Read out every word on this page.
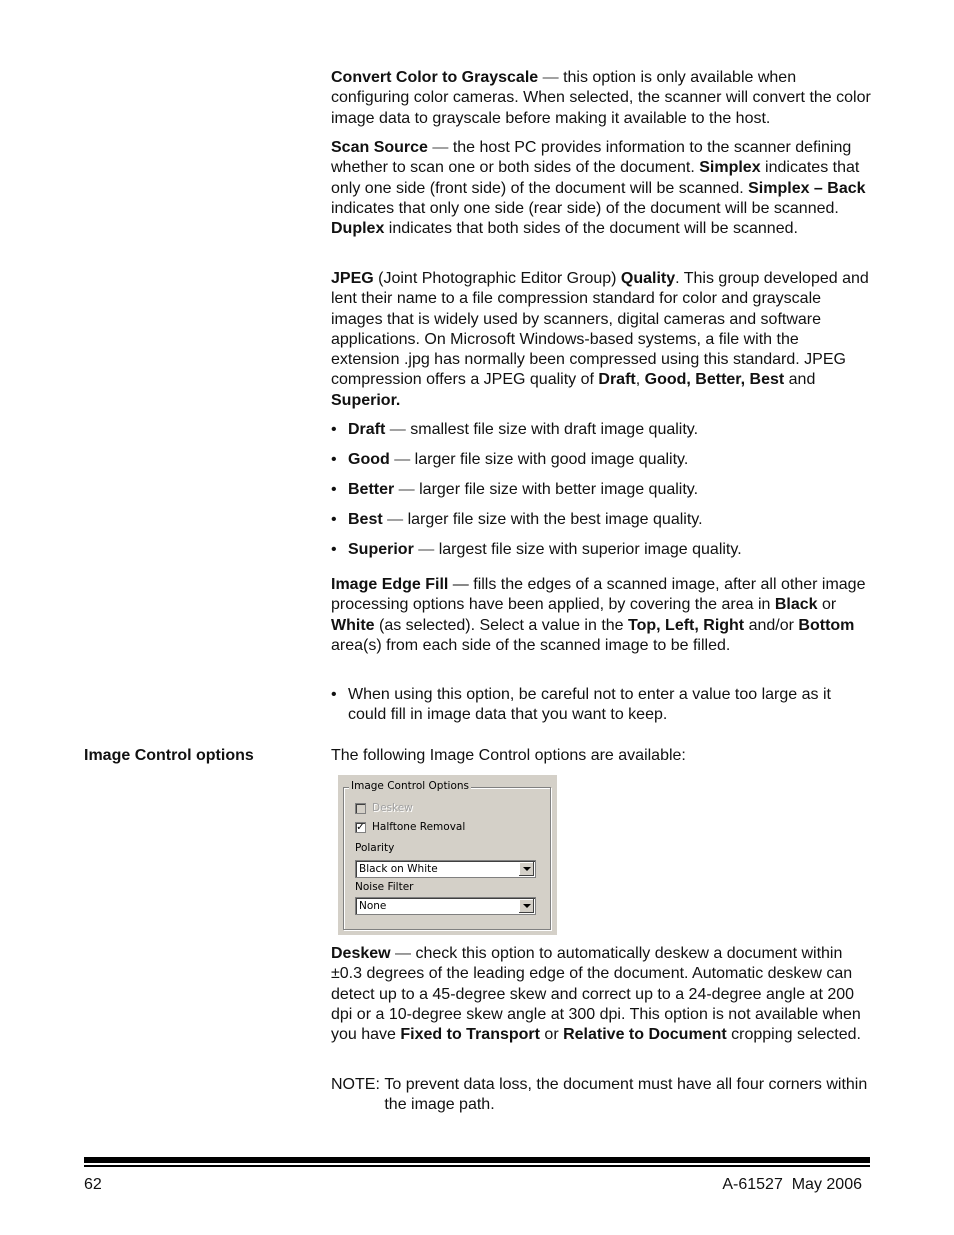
Convert Color to Grayscale — this option is only available when configuring color cameras. When selected, the scanner will convert the color image data to grayscale before making it available to the host.

Scan Source — the host PC provides information to the scanner defining whether to scan one or both sides of the document. Simplex indicates that only one side (front side) of the document will be scanned. Simplex – Back indicates that only one side (rear side) of the document will be scanned. Duplex indicates that both sides of the document will be scanned.

JPEG (Joint Photographic Editor Group) Quality. This group developed and lent their name to a file compression standard for color and grayscale images that is widely used by scanners, digital cameras and software applications. On Microsoft Windows-based systems, a file with the extension .jpg has normally been compressed using this standard. JPEG compression offers a JPEG quality of Draft, Good, Better, Best and Superior.

• Draft — smallest file size with draft image quality.
• Good — larger file size with good image quality.
• Better — larger file size with better image quality.
• Best — larger file size with the best image quality.
• Superior — largest file size with superior image quality.

Image Edge Fill — fills the edges of a scanned image, after all other image processing options have been applied, by covering the area in Black or White (as selected). Select a value in the Top, Left, Right and/or Bottom area(s) from each side of the scanned image to be filled.

• When using this option, be careful not to enter a value too large as it could fill in image data that you want to keep.
Image Control options	The following Image Control options are available:

Image Control Options
Deskew
✓ Halftone Removal
Polarity
Black on White
Noise Filter
None

Deskew — check this option to automatically deskew a document within ±0.3 degrees of the leading edge of the document. Automatic deskew can detect up to a 45-degree skew and correct up to a 24-degree angle at 200 dpi or a 10-degree skew angle at 300 dpi. This option is not available when you have Fixed to Transport or Relative to Document cropping selected.

NOTE: To prevent data loss, the document must have all four corners within the image path.

62	A-61527  May 2006
